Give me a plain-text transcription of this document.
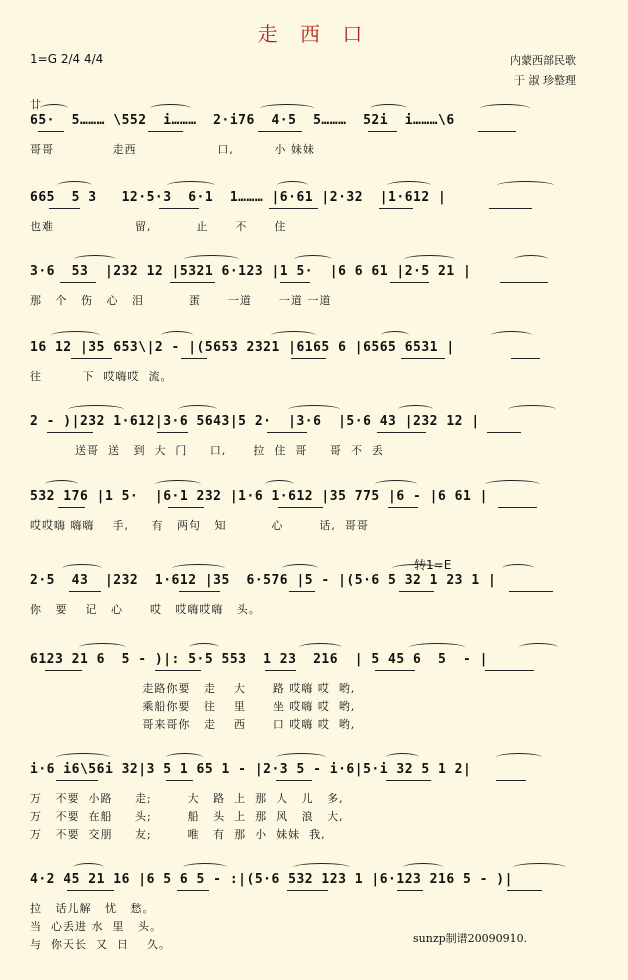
走 西 口
1=G 2/4 4/4	内蒙西部民歌
于 淑 珍整理
廿
转1=E
sunzp制谱20090910.
65·  5……… \552  i………  2·i76  4·5  5………  52i  i………\6
哥哥             走西                  口,         小 妹妹
665  5 3   12·5·3  6·1  1……… |6·61 |2·32  |1·612 |
也难                  留,          止      不      住
3·6  53  |232 12 |5321 6·123 |1 5·  |6 6 61 |2·5 21 |
那   个   伤   心   泪          蛋      一道      一道 一道
16 12 |35 653\|2 - |(5653 2321 |6165 6 |6565 6531 |
往         下  哎嗨哎  流。
2 - )|232 1·612|3·6 5643|5 2·  |3·6  |5·6 43 |232 12 |
送哥  送   到  大  门     口,      拉  住  哥     哥  不  丢
532 176 |1 5·  |6·1 232 |1·6 1·612 |35 775 |6 - |6 61 |
哎哎嗨 嗨嗨    手,     有   两句   知          心        话,  哥哥
2·5  43  |232  1·612 |35  6·576 |5 - |(5·6 5 32 1 23 1 |
你   要    记   心      哎   哎嗨哎嗨   头。
6123 21 6  5 - )|: 5·5 553  1 23  216  | 5 45 6  5  - |
走路你要   走    大      路 哎嗨 哎  哟,
乘船你要   往    里      坐 哎嗨 哎  哟,
哥来哥你   走    西      口 哎嗨 哎  哟,
i·6 i6\56i 32|3 5 1 65 1 - |2·3 5 - i·6|5·i 32 5 1 2|
万   不要  小路     走;        大   路  上  那  人   儿   多,
万   不要  在船     头;        船   头  上  那  风   浪   大,
万   不要  交朋     友;        唯   有  那  小  妹妹  我,
4·2 45 21 16 |6 5 6 5 - :|(5·6 532 123 1 |6·123 216 5 - )|
拉   话儿解   忧   愁。
当  心丢进 水  里   头。
与  你天长  又  日    久。
